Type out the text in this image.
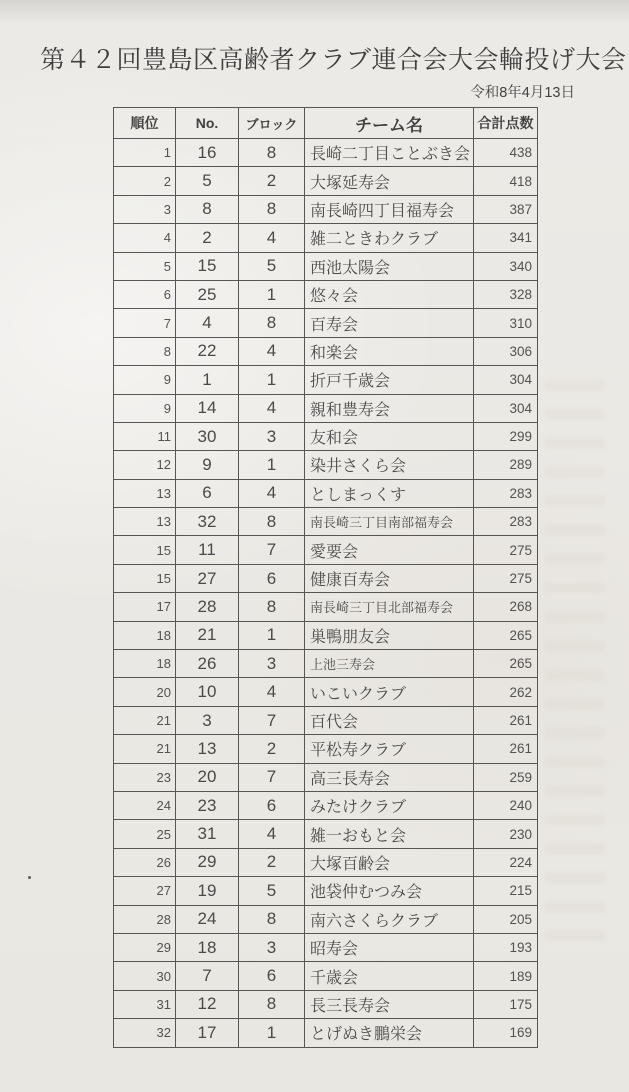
第４２回豊島区高齢者クラブ連合会大会輪投げ大会
令和8年4月13日
順位	No.	ブロック	チーム名	合計点数
1	16	8	長崎二丁目ことぶき会	438
2	5	2	大塚延寿会	418
3	8	8	南長崎四丁目福寿会	387
4	2	4	雑二ときわクラブ	341
5	15	5	西池太陽会	340
6	25	1	悠々会	328
7	4	8	百寿会	310
8	22	4	和楽会	306
9	1	1	折戸千歳会	304
9	14	4	親和豊寿会	304
11	30	3	友和会	299
12	9	1	染井さくら会	289
13	6	4	としまっくす	283
13	32	8	南長崎三丁目南部福寿会	283
15	11	7	愛要会	275
15	27	6	健康百寿会	275
17	28	8	南長崎三丁目北部福寿会	268
18	21	1	巣鴨朋友会	265
18	26	3	上池三寿会	265
20	10	4	いこいクラブ	262
21	3	7	百代会	261
21	13	2	平松寿クラブ	261
23	20	7	高三長寿会	259
24	23	6	みたけクラブ	240
25	31	4	雑一おもと会	230
26	29	2	大塚百齢会	224
27	19	5	池袋仲むつみ会	215
28	24	8	南六さくらクラブ	205
29	18	3	昭寿会	193
30	7	6	千歳会	189
31	12	8	長三長寿会	175
32	17	1	とげぬき鵬栄会	169
